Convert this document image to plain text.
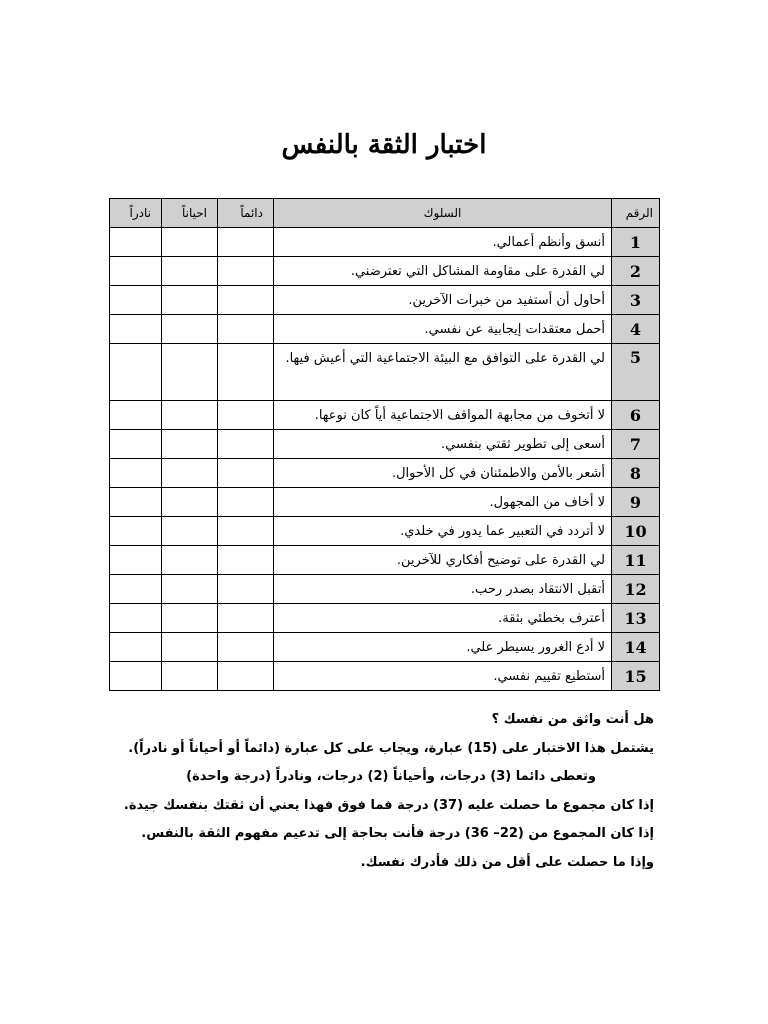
اختبار الثقة بالنفس
الرقم	السلوك	دائماً	احياناً	نادراً
1	أنسق وأنظم أعمالي.			
2	لي القدرة على مقاومة المشاكل التي تعترضني.			
3	أحاول أن أستفيد من خبرات الآخرين.			
4	أحمل معتقدات إيجابية عن نفسي.			
5	لي القدرة على التوافق مع البيئة الاجتماعية التي أعيش فيها.			
6	لا أتخوف من مجابهة المواقف الاجتماعية أياً كان نوعها.			
7	أسعى إلى تطوير ثقتي بنفسي.			
8	أشعر بالأمن والاطمئنان في كل الأحوال.			
9	لا أخاف من المجهول.			
10	لا أتردد في التعبير عما يدور في خلدي.			
11	لي القدرة على توضيح أفكاري للآخرين.			
12	أتقبل الانتقاد بصدر رحب.			
13	أعترف بخطئي بثقة.			
14	لا أدع الغرور يسيطر علي.			
15	أستطيع تقييم نفسي.			

هل أنت واثق من نفسك ؟

يشتمل هذا الاختبار على (15) عبارة، ويجاب على كل عبارة (دائماً أو أحياناً أو نادراً).

وتعطى دائما (3) درجات، وأحياناً (2) درجات، ونادراً (درجة واحدة)

إذا كان مجموع ما حصلت عليه (37) درجة فما فوق فهذا يعني أن ثقتك بنفسك جيدة.

إذا كان المجموع من (22– 36) درجة فأنت بحاجة إلى تدعيم مفهوم الثقة بالنفس.

وإذا ما حصلت على أقل من ذلك فأدرك نفسك.
